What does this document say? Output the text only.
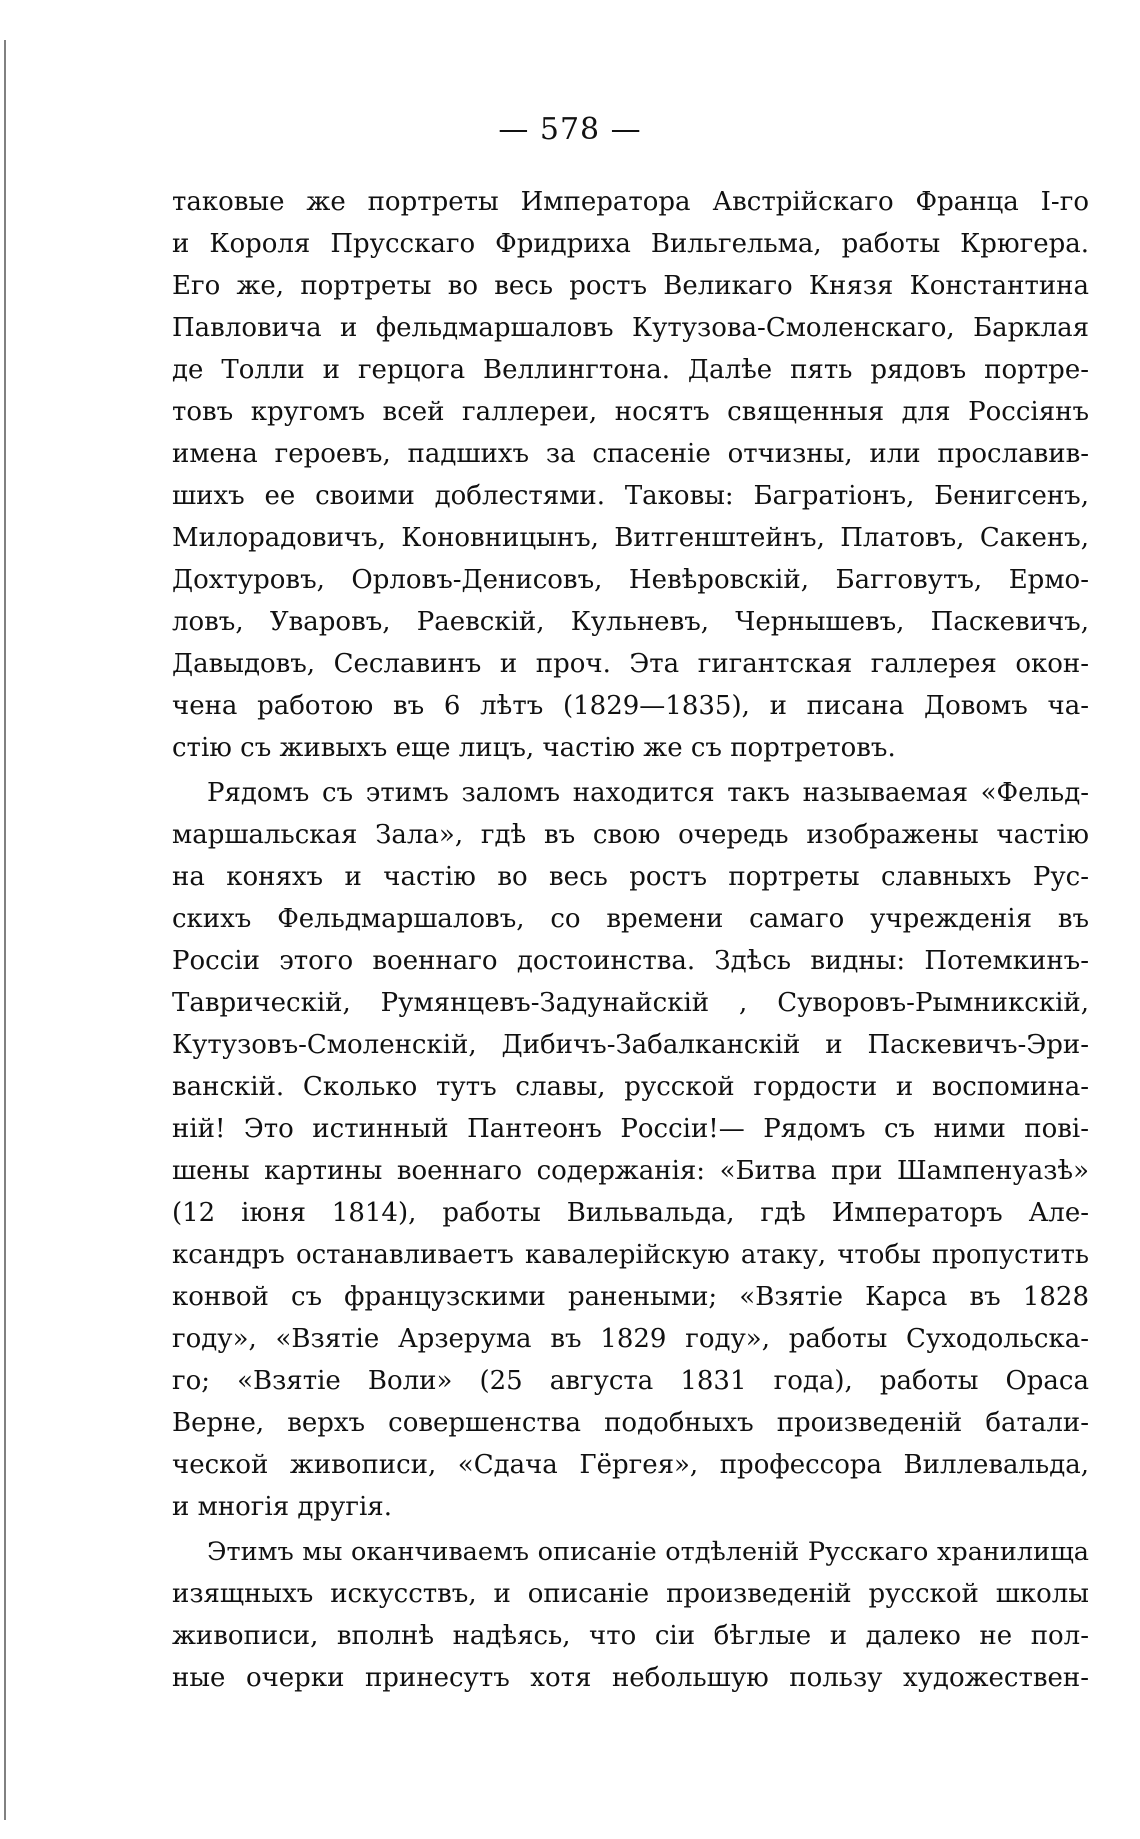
— 578 —
таковые же портреты Императора Австрійскаго Франца I-го
и Короля Прусскаго Фридриха Вильгельма, работы Крюгера.
Его же, портреты во весь ростъ Великаго Князя Константина
Павловича и фельдмаршаловъ Кутузова-Смоленскаго, Барклая
де Толли и герцога Веллингтона. Далѣе пять рядовъ портре-
товъ кругомъ всей галлереи, носятъ священныя для Россіянъ
имена героевъ, падшихъ за спасеніе отчизны, или прославив-
шихъ ее своими доблестями. Таковы: Багратіонъ, Бенигсенъ,
Милорадовичъ, Коновницынъ, Витгенштейнъ, Платовъ, Сакенъ,
Дохтуровъ, Орловъ-Денисовъ, Невѣровскій, Багговутъ, Ермо-
ловъ, Уваровъ, Раевскій, Кульневъ, Чернышевъ, Паскевичъ,
Давыдовъ, Сеславинъ и проч. Эта гигантская галлерея окон-
чена работою въ 6 лѣтъ (1829—1835), и писана Довомъ ча-
стію съ живыхъ еще лицъ, частію же съ портретовъ.
Рядомъ съ этимъ заломъ находится такъ называемая «Фельд-
маршальская Зала», гдѣ въ свою очередь изображены частію
на коняхъ и частію во весь ростъ портреты славныхъ Рус-
скихъ Фельдмаршаловъ, со времени самаго учрежденія въ
Россіи этого военнаго достоинства. Здѣсь видны: Потемкинъ-
Таврическій, Румянцевъ-Задунайскій , Суворовъ-Рымникскій,
Кутузовъ-Смоленскій, Дибичъ-Забалканскій и Паскевичъ-Эри-
ванскій. Сколько тутъ славы, русской гордости и воспомина-
ній! Это истинный Пантеонъ Россіи!— Рядомъ съ ними пові-
шены картины военнаго содержанія: «Битва при Шампенуазѣ»
(12 іюня 1814), работы Вильвальда, гдѣ Императоръ Але-
ксандръ останавливаетъ кавалерійскую атаку, чтобы пропустить
конвой съ французскими ранеными; «Взятіе Карса въ 1828
году», «Взятіе Арзерума въ 1829 году», работы Суходольска-
го; «Взятіе Воли» (25 августа 1831 года), работы Ораса
Верне, верхъ совершенства подобныхъ произведеній батали-
ческой живописи, «Сдача Гёргея», профессора Виллевальда,
и многія другія.
Этимъ мы оканчиваемъ описаніе отдѣленій Русскаго хранилища
изящныхъ искусствъ, и описаніе произведеній русской школы
живописи, вполнѣ надѣясь, что сіи бѣглые и далеко не пол-
ные очерки принесутъ хотя небольшую пользу художествен-
